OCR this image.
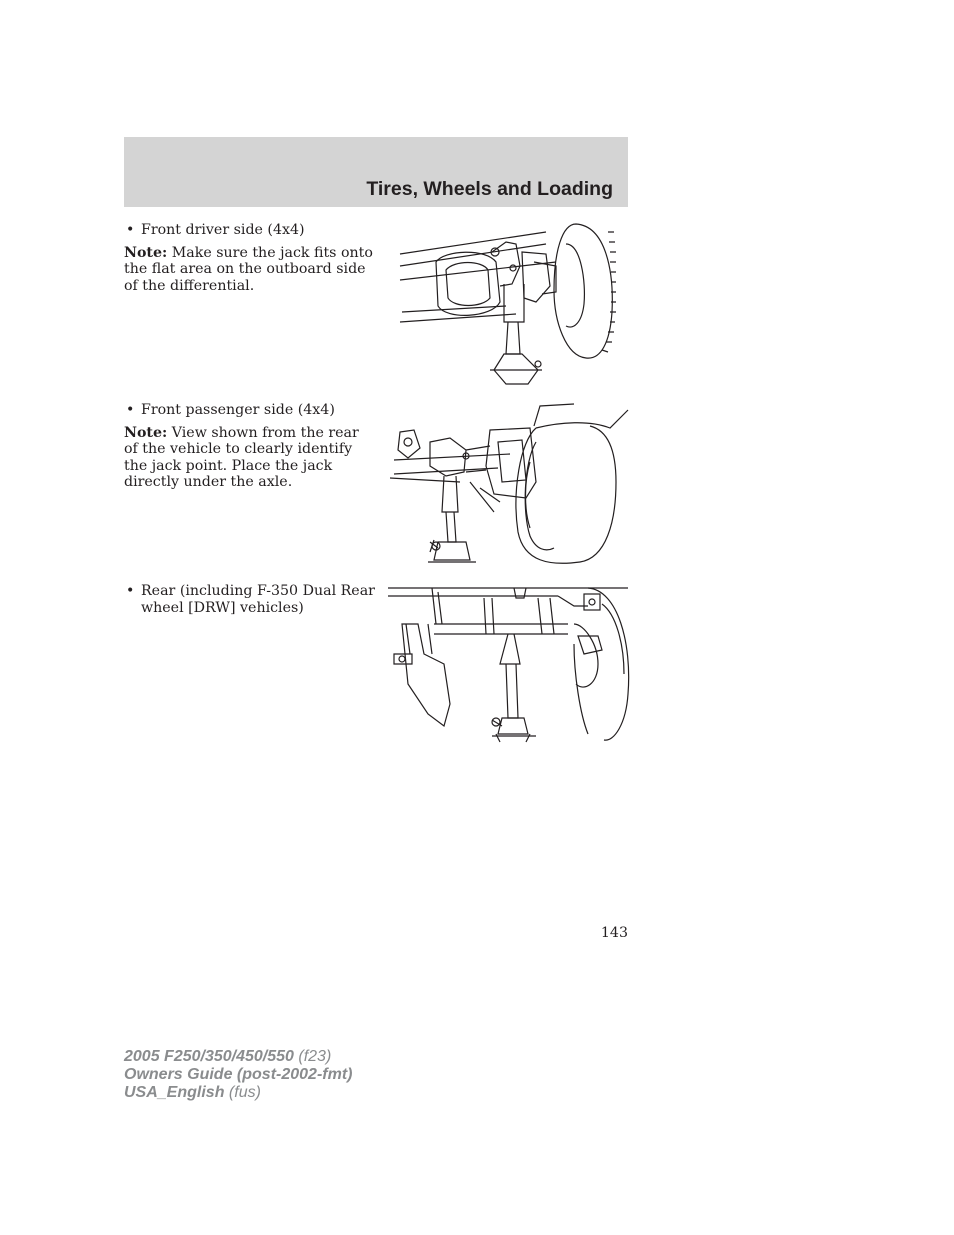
Tires, Wheels and Loading

• Front driver side (4x4)

Note: Make sure the jack fits onto the flat area on the outboard side of the differential.

• Front passenger side (4x4)

Note: View shown from the rear of the vehicle to clearly identify the jack point. Place the jack directly under the axle.

• Rear (including F-350 Dual Rear wheel [DRW] vehicles)

143
2005 F250/350/450/550 (f23)
Owners Guide (post-2002-fmt)
USA_English (fus)
